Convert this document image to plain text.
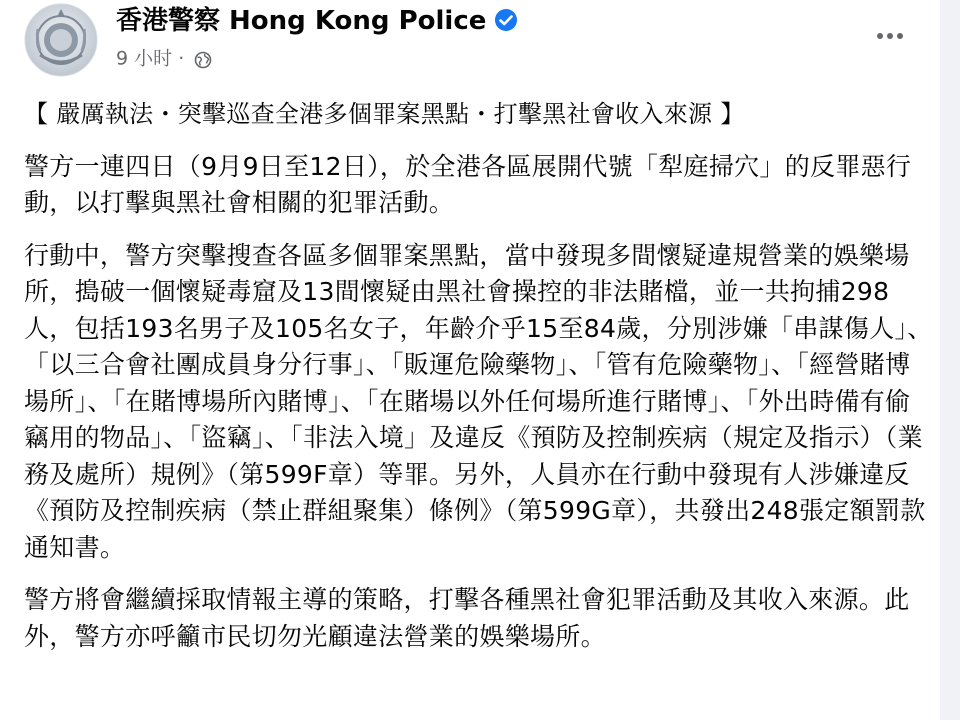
香港警察 Hong Kong Police
9 小时 ·

【 嚴厲執法・突擊巡查全港多個罪案黑點・打擊黑社會收入來源 】

警方一連四日（9月9日至12日），於全港各區展開代號「犁庭掃穴」的反罪惡行動，以打擊與黑社會相關的犯罪活動。

行動中，警方突擊搜查各區多個罪案黑點，當中發現多間懷疑違規營業的娛樂場所，搗破一個懷疑毒窟及13間懷疑由黑社會操控的非法賭檔，並一共拘捕298人，包括193名男子及105名女子，年齡介乎15至84歲，分別涉嫌「串謀傷人」、「以三合會社團成員身分行事」、「販運危險藥物」、「管有危險藥物」、「經營賭博場所」、「在賭博場所內賭博」、「在賭場以外任何場所進行賭博」、「外出時備有偷竊用的物品」、「盜竊」、「非法入境」及違反《預防及控制疾病（規定及指示）（業務及處所）規例》（第599F章）等罪。另外，人員亦在行動中發現有人涉嫌違反《預防及控制疾病（禁止群組聚集）條例》（第599G章），共發出248張定額罰款通知書。

警方將會繼續採取情報主導的策略，打擊各種黑社會犯罪活動及其收入來源。此外，警方亦呼籲市民切勿光顧違法營業的娛樂場所。
